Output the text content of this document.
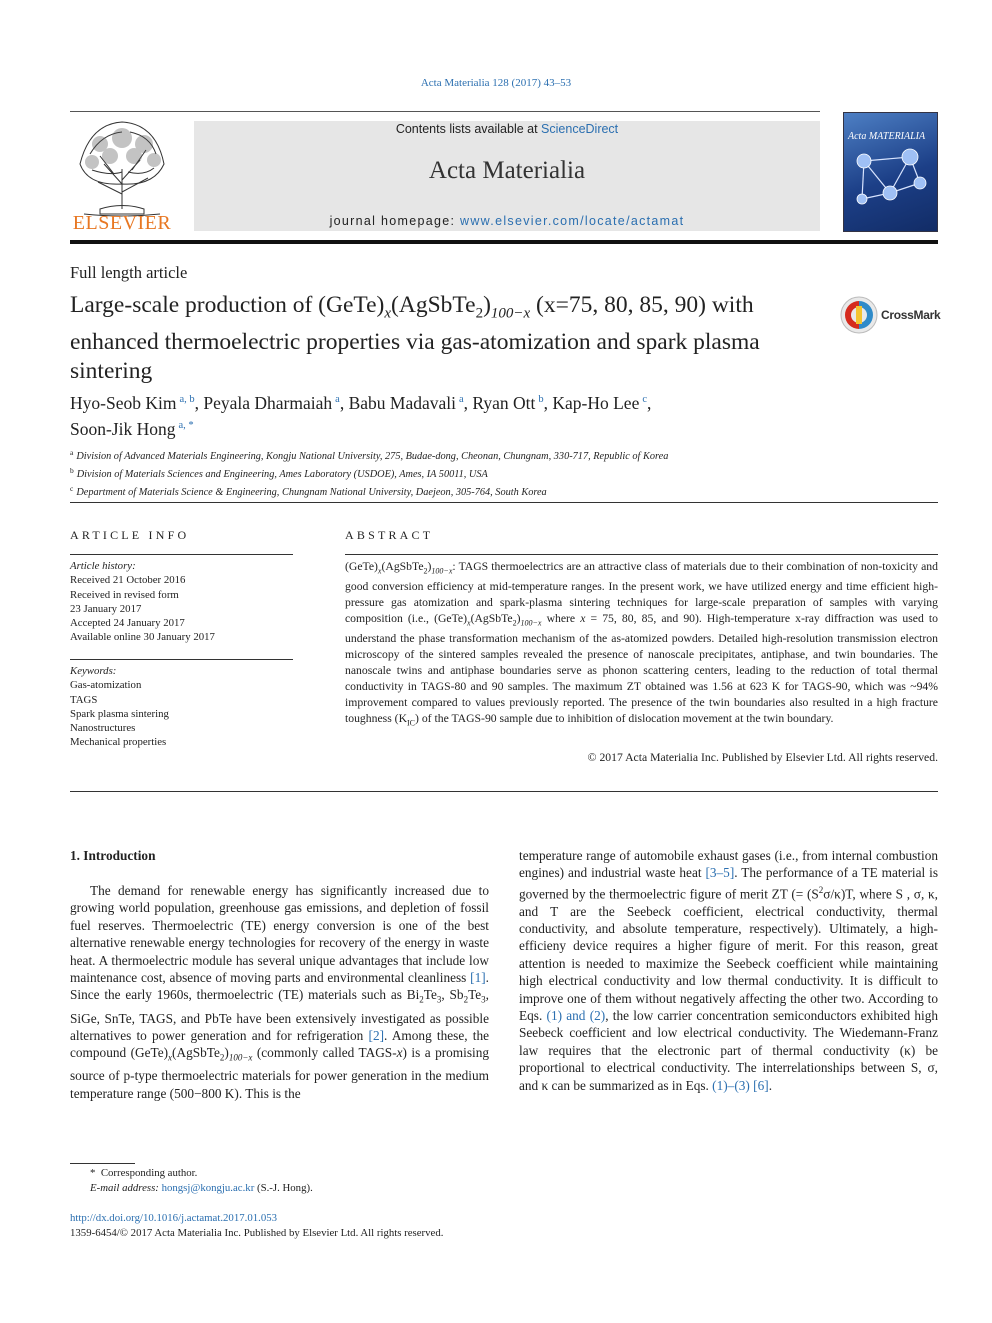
Acta Materialia 128 (2017) 43–53
ELSEVIER
Contents lists available at ScienceDirect
Acta Materialia
journal homepage: www.elsevier.com/locate/actamat
Acta MATERIALIA
Full length article
Large-scale production of $(GeTe)_x(AgSbTe_2)_{100-x}$ (x=75, 80, 85, 90) with enhanced thermoelectric properties via gas-atomization and spark plasma sintering
CrossMark
Hyo-Seob Kim $^{a, b}$, Peyala Dharmaiah $^a$, Babu Madavali $^a$, Ryan Ott $^b$, Kap-Ho Lee $^c$,
Soon-Jik Hong $^{a, *}$
$^a$ Division of Advanced Materials Engineering, Kongju National University, 275, Budae-dong, Cheonan, Chungnam, 330-717, Republic of Korea
$^b$ Division of Materials Sciences and Engineering, Ames Laboratory (USDOE), Ames, IA 50011, USA
$^c$ Department of Materials Science & Engineering, Chungnam National University, Daejeon, 305-764, South Korea
ARTICLE INFO
Article history:
Received 21 October 2016
Received in revised form
23 January 2017
Accepted 24 January 2017
Available online 30 January 2017
Keywords:
Gas-atomization
TAGS
Spark plasma sintering
Nanostructures
Mechanical properties
ABSTRACT
$(GeTe)_x(AgSbTe_2)_{100-x}$: TAGS thermoelectrics are an attractive class of materials due to their combination of non-toxicity and good conversion efficiency at mid-temperature ranges. In the present work, we have utilized energy and time efficient high-pressure gas atomization and spark-plasma sintering techniques for large-scale preparation of samples with varying composition (i.e., $(GeTe)_x(AgSbTe_2)_{100-x}$ where x = 75, 80, 85, and 90). High-temperature x-ray diffraction was used to understand the phase transformation mechanism of the as-atomized powders. Detailed high-resolution transmission electron microscopy of the sintered samples revealed the presence of nanoscale precipitates, antiphase, and twin boundaries. The nanoscale twins and antiphase boundaries serve as phonon scattering centers, leading to the reduction of total thermal conductivity in TAGS-80 and 90 samples. The maximum ZT obtained was 1.56 at 623 K for TAGS-90, which was ~94% improvement compared to values previously reported. The presence of the twin boundaries also resulted in a high fracture toughness $(K_{IC})$ of the TAGS-90 sample due to inhibition of dislocation movement at the twin boundary.
© 2017 Acta Materialia Inc. Published by Elsevier Ltd. All rights reserved.
1. Introduction
The demand for renewable energy has significantly increased due to growing world population, greenhouse gas emissions, and depletion of fossil fuel reserves. Thermoelectric (TE) energy conversion is one of the best alternative renewable energy technologies for recovery of the energy in waste heat. A thermoelectric module has several unique advantages that include low maintenance cost, absence of moving parts and environmental cleanliness [1]. Since the early 1960s, thermoelectric (TE) materials such as $Bi_2Te_3$, $Sb_2Te_3$, SiGe, SnTe, TAGS, and PbTe have been extensively investigated as possible alternatives to power generation and for refrigeration [2]. Among these, the compound $(GeTe)_x(AgSbTe_2)_{100-x}$ (commonly called TAGS-x) is a promising source of p-type thermoelectric materials for power generation in the medium temperature range (500−800 K). This is the
temperature range of automobile exhaust gases (i.e., from internal combustion engines) and industrial waste heat [3–5]. The performance of a TE material is governed by the thermoelectric figure of merit ZT (= $(S^2\sigma/\kappa)T$, where S , σ, κ, and T are the Seebeck coefficient, electrical conductivity, thermal conductivity, and absolute temperature, respectively). Ultimately, a high-efficieny device requires a higher figure of merit. For this reason, great attention is needed to maximize the Seebeck coefficient while maintaining high electrical conductivity and low thermal conductivity. It is difficult to improve one of them without negatively affecting the other two. According to Eqs. (1) and (2), the low carrier concentration semiconductors exhibited high Seebeck coefficient and low electrical conductivity. The Wiedemann-Franz law requires that the electronic part of thermal conductivity (κ) be proportional to electrical conductivity. The interrelationships between S, σ, and κ can be summarized as in Eqs. (1)–(3) [6].
* Corresponding author.
E-mail address: hongsj@kongju.ac.kr (S.-J. Hong).
http://dx.doi.org/10.1016/j.actamat.2017.01.053
1359-6454/© 2017 Acta Materialia Inc. Published by Elsevier Ltd. All rights reserved.
